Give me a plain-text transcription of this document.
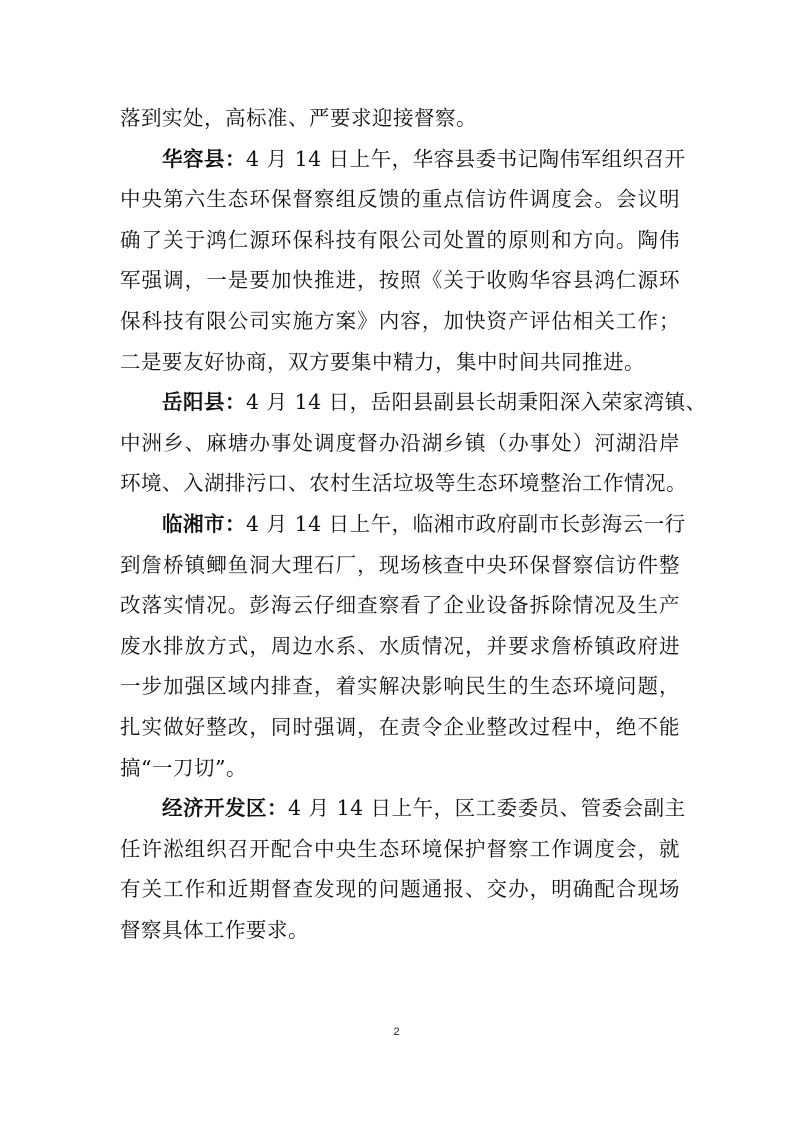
落到实处，高标准、严要求迎接督察。
华容县：4 月 14 日上午，华容县委书记陶伟军组织召开
中央第六生态环保督察组反馈的重点信访件调度会。会议明
确了关于鸿仁源环保科技有限公司处置的原则和方向。陶伟
军强调，一是要加快推进，按照《关于收购华容县鸿仁源环
保科技有限公司实施方案》内容，加快资产评估相关工作；
二是要友好协商，双方要集中精力，集中时间共同推进。
岳阳县：4 月 14 日，岳阳县副县长胡秉阳深入荣家湾镇、
中洲乡、麻塘办事处调度督办沿湖乡镇（办事处）河湖沿岸
环境、入湖排污口、农村生活垃圾等生态环境整治工作情况。
临湘市：4 月 14 日上午，临湘市政府副市长彭海云一行
到詹桥镇鲫鱼洞大理石厂，现场核查中央环保督察信访件整
改落实情况。彭海云仔细查察看了企业设备拆除情况及生产
废水排放方式，周边水系、水质情况，并要求詹桥镇政府进
一步加强区域内排查，着实解决影响民生的生态环境问题，
扎实做好整改，同时强调，在责令企业整改过程中，绝不能
搞“一刀切”。
经济开发区：4 月 14 日上午，区工委委员、管委会副主
任许淞组织召开配合中央生态环境保护督察工作调度会，就
有关工作和近期督查发现的问题通报、交办，明确配合现场
督察具体工作要求。
2
